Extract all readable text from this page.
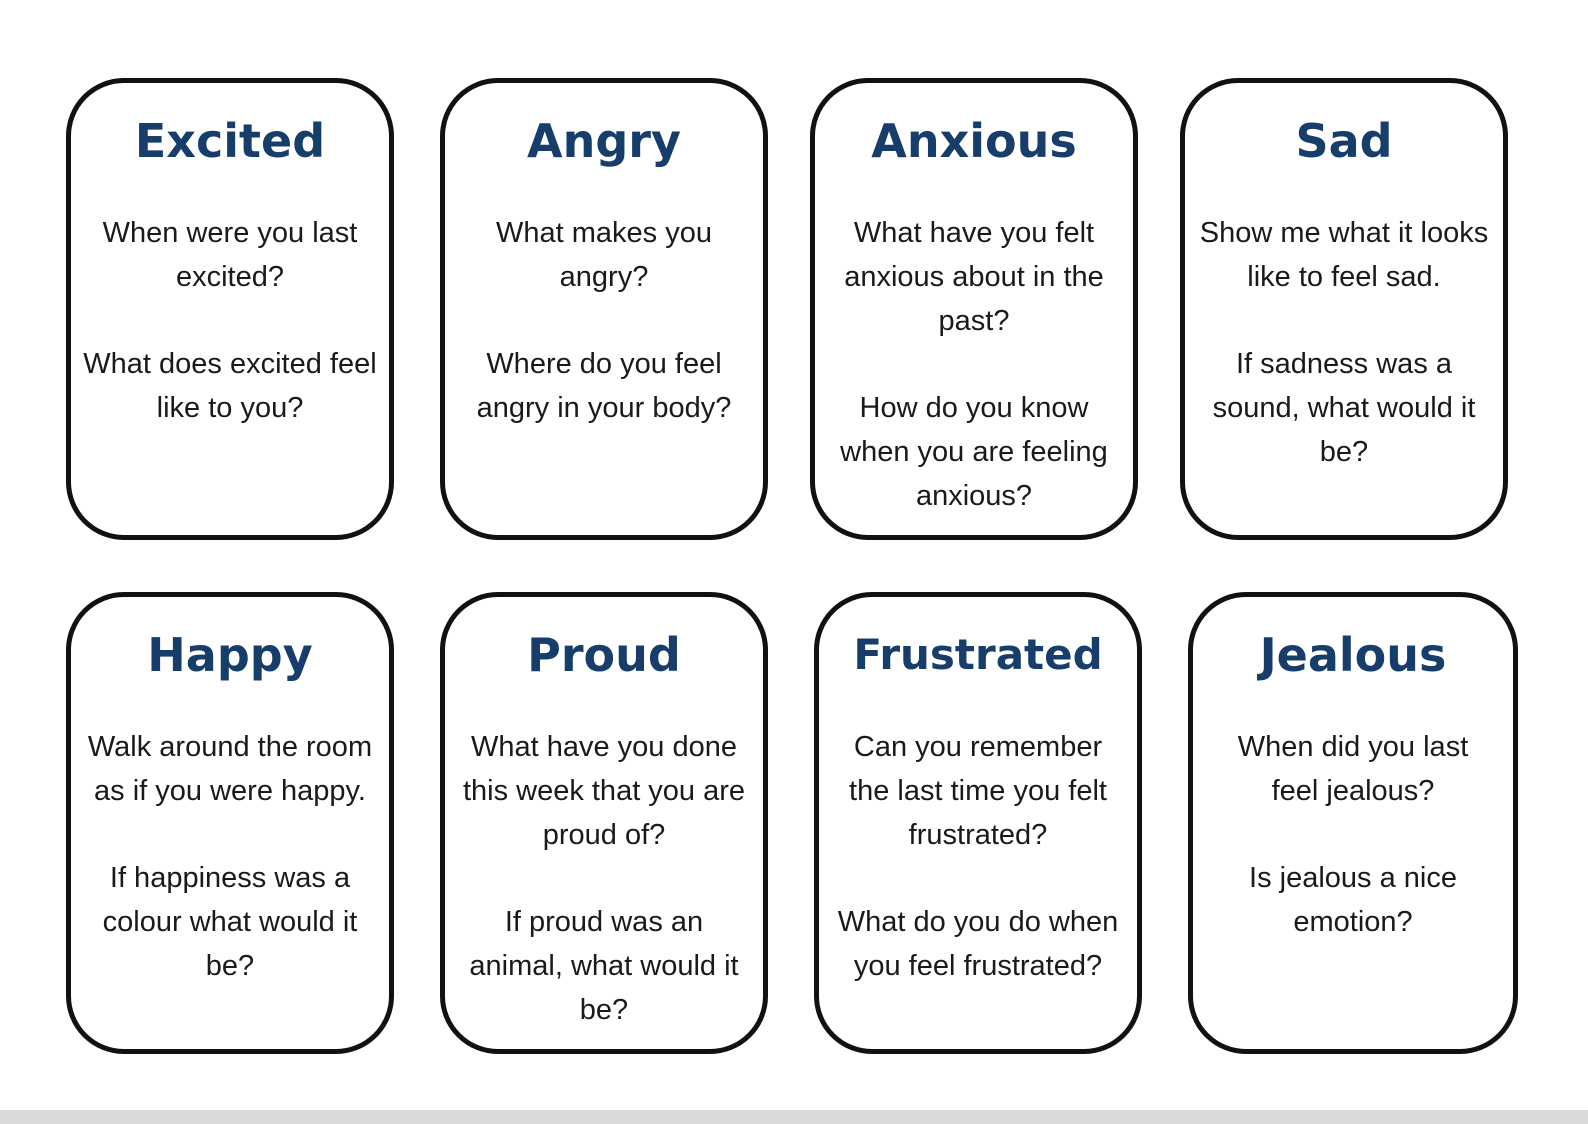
Excited
When were you last excited?
What does excited feel like to you?
Angry
What makes you angry?
Where do you feel angry in your body?
Anxious
What have you felt anxious about in the past?
How do you know when you are feeling anxious?
Sad
Show me what it looks like to feel sad.
If sadness was a sound, what would it be?
Happy
Walk around the room as if you were happy.
If happiness was a colour what would it be?
Proud
What have you done this week that you are proud of?
If proud was an animal, what would it be?
Frustrated
Can you remember the last time you felt frustrated?
What do you do when you feel frustrated?
Jealous
When did you last feel jealous?
Is jealous a nice emotion?
